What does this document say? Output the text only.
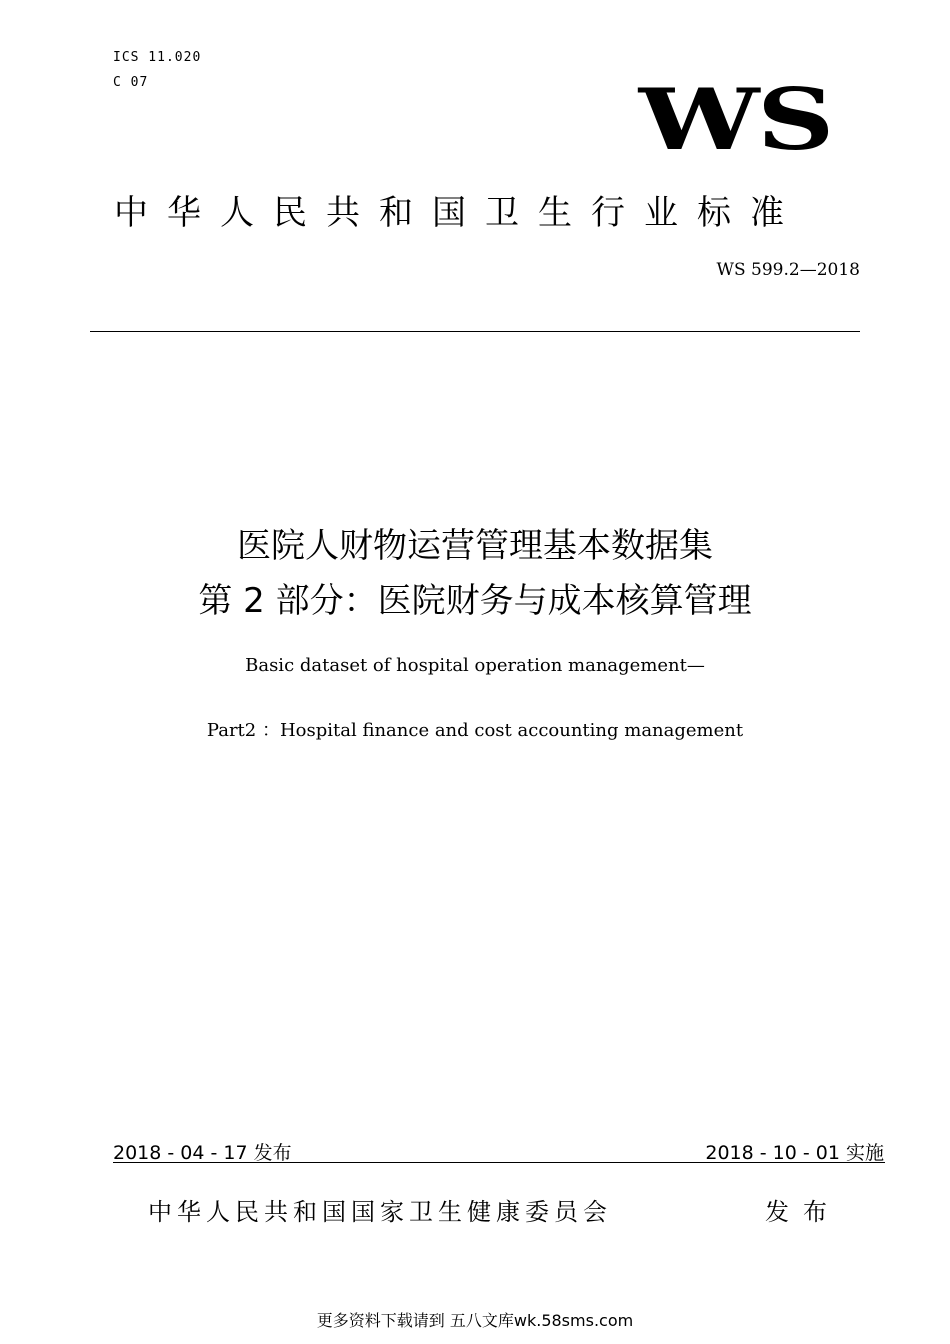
ICS 11.020
C 07	WS
中华人民共和国卫生行业标准
WS 599.2—2018
医院人财物运营管理基本数据集
第 2 部分：医院财务与成本核算管理
Basic dataset of hospital operation management—
Part2 ：Hospital finance and cost accounting management
2018 - 04 - 17 发布	2018 - 10 - 01 实施
中华人民共和国国家卫生健康委员会	发布
更多资料下载请到 五八文库wk.58sms.com
